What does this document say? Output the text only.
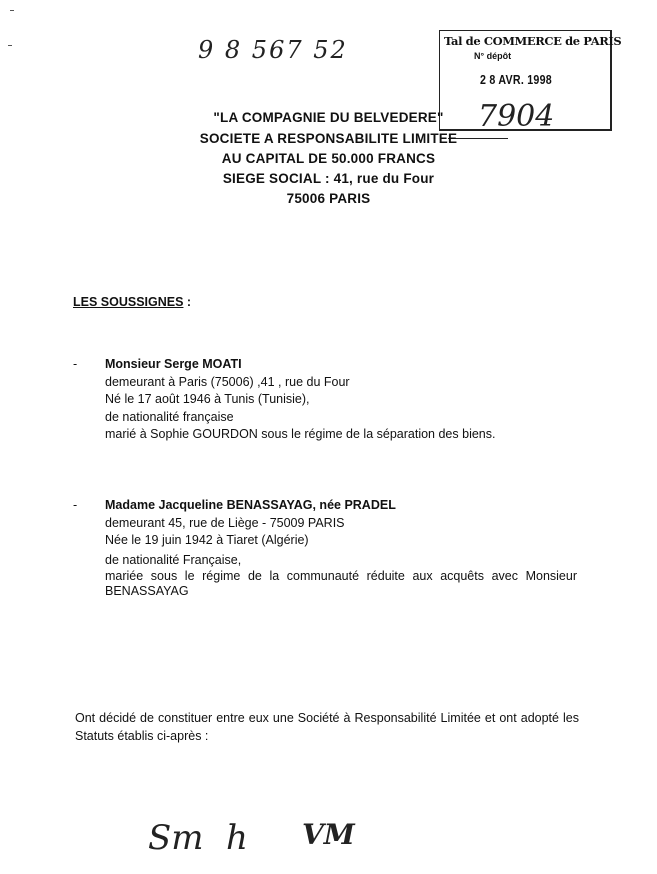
9 8 567 52	Tal de COMMERCE de PARIS
N° dépôt
2 8 AVR. 1998
7904
"LA COMPAGNIE DU BELVEDERE"
SOCIETE A RESPONSABILITE LIMITEE
AU CAPITAL DE 50.000 FRANCS
SIEGE SOCIAL : 41, rue du Four
75006 PARIS
LES SOUSSIGNES :
- Monsieur Serge MOATI
demeurant à Paris (75006) ,41 , rue du Four
Né le 17 août 1946 à Tunis (Tunisie),
de nationalité française
marié à Sophie GOURDON sous le régime de la séparation des biens.
- Madame Jacqueline BENASSAYAG, née PRADEL
demeurant 45, rue de Liège - 75009 PARIS
Née le 19 juin 1942 à Tiaret (Algérie)
de nationalité Française,
mariée sous le régime de la communauté réduite aux acquêts avec Monsieur BENASSAYAG
Ont décidé de constituer entre eux une Société à Responsabilité Limitée et ont adopté les Statuts établis ci-après :
Sm h VM
